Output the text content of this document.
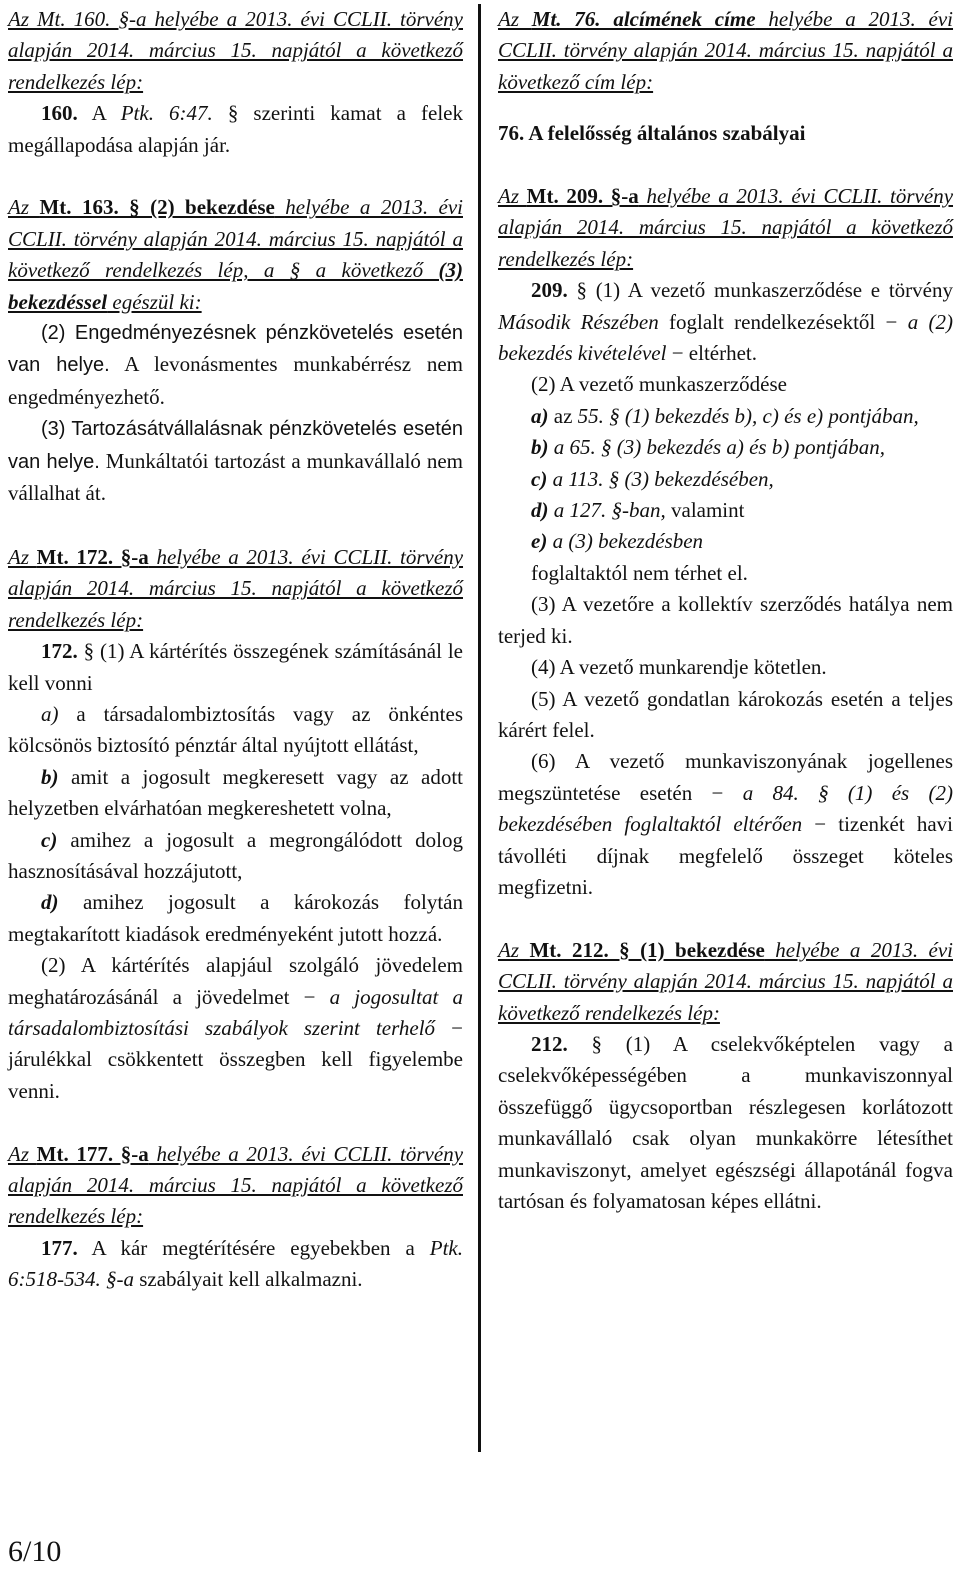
Az Mt. 160. §-a helyébe a 2013. évi CCLII. törvény alapján 2014. március 15. napjától a következő rendelkezés lép:

160. A Ptk. 6:47. § szerinti kamat a felek megállapodása alapján jár.

Az Mt. 163. § (2) bekezdése helyébe a 2013. évi CCLII. törvény alapján 2014. március 15. napjától a következő rendelkezés lép, a § a következő (3) bekezdéssel egészül ki:

(2) Engedményezésnek pénzkövetelés esetén van helye. A levonásmentes munkabérrész nem engedményezhető.

(3) Tartozásátvállalásnak pénzkövetelés esetén van helye. Munkáltatói tartozást a munkavállaló nem vállalhat át.

Az Mt. 172. §-a helyébe a 2013. évi CCLII. törvény alapján 2014. március 15. napjától a következő rendelkezés lép:

172. § (1) A kártérítés összegének számításánál le kell vonni

a) a társadalombiztosítás vagy az önkéntes kölcsönös biztosító pénztár által nyújtott ellátást,

b) amit a jogosult megkeresett vagy az adott helyzetben elvárhatóan megkereshetett volna,

c) amihez a jogosult a megrongálódott dolog hasznosításával hozzájutott,

d) amihez jogosult a károkozás folytán megtakarított kiadások eredményeként jutott hozzá.

(2) A kártérítés alapjául szolgáló jövedelem meghatározásánál a jövedelmet − a jogosultat a társadalombiztosítási szabályok szerint terhelő − járulékkal csökkentett összegben kell figyelembe venni.

Az Mt. 177. §-a helyébe a 2013. évi CCLII. törvény alapján 2014. március 15. napjától a következő rendelkezés lép:

177. A kár megtérítésére egyebekben a Ptk. 6:518-534. §-a szabályait kell alkalmazni.

Az Mt. 76. alcímének címe helyébe a 2013. évi CCLII. törvény alapján 2014. március 15. napjától a következő cím lép:

76. A felelősség általános szabályai

Az Mt. 209. §-a helyébe a 2013. évi CCLII. törvény alapján 2014. március 15. napjától a következő rendelkezés lép:

209. § (1) A vezető munkaszerződése e törvény Második Részében foglalt rendelkezésektől − a (2) bekezdés kivételével − eltérhet.

(2) A vezető munkaszerződése

a) az 55. § (1) bekezdés b), c) és e) pontjában,

b) a 65. § (3) bekezdés a) és b) pontjában,

c) a 113. § (3) bekezdésében,

d) a 127. §-ban, valamint

e) a (3) bekezdésben

foglaltaktól nem térhet el.

(3) A vezetőre a kollektív szerződés hatálya nem terjed ki.

(4) A vezető munkarendje kötetlen.

(5) A vezető gondatlan károkozás esetén a teljes kárért felel.

(6) A vezető munkaviszonyának jogellenes megszüntetése esetén − a 84. § (1) és (2) bekezdésében foglaltaktól eltérően − tizenkét havi távolléti díjnak megfelelő összeget köteles megfizetni.

Az Mt. 212. § (1) bekezdése helyébe a 2013. évi CCLII. törvény alapján 2014. március 15. napjától a következő rendelkezés lép:

212. § (1) A cselekvőképtelen vagy a cselekvőképességében a munkaviszonnyal összefüggő ügycsoportban részlegesen korlátozott munkavállaló csak olyan munkakörre létesíthet munkaviszonyt, amelyet egészségi állapotánál fogva tartósan és folyamatosan képes ellátni.

6/10
